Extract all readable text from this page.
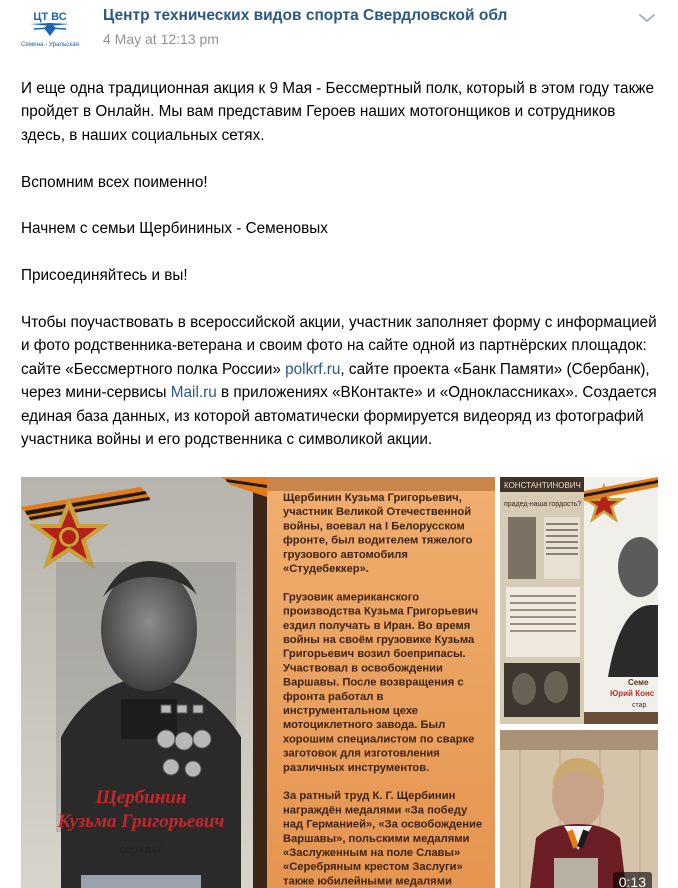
ЦТ ВС
Cемена - Уральская
Центр технических видов спорта Свердловской обл
4 May at 12:13 pm

И еще одна традиционная акция к 9 Мая - Бессмертный полк, который в этом году также пройдет в Онлайн. Мы вам представим Героев наших мотогонщиков и сотрудников здесь, в наших социальных сетях.

Вспомним всех поименно!

Начнем с семьи Щербининых - Семеновых

Присоединяйтесь и вы!

Чтобы поучаствовать в всероссийской акции, участник заполняет форму с информацией и фото родственника-ветерана и своим фото на сайте одной из партнёрских площадок: сайте «Бессмертного полка России» polkrf.ru, сайте проекта «Банк Памяти» (Сбербанк), через мини-сервисы Mail.ru в приложениях «ВКонтакте» и «Одноклассниках». Создается единая база данных, из которой автоматически формируется видеоряд из фотографий участника войны и его родственника с символикой акции.

Щербинин
Кузьма Григорьевич
сержант
Щербинин Кузьма Григорьевич,
участник Великой Отечественной
войны, воевал на I Белорусском
фронте, был водителем тяжелого
грузового автомобиля
«Студебеккер».
Грузовик американского
производства Кузьма Григорьевич
ездил получать в Иран. Во время
войны на своём грузовике Кузьма
Григорьевич возил боеприпасы.
Участвовал в освобождении
Варшавы. После возвращения с
фронта работал в
инструментальном цехе
мотоциклетного завода. Был
хорошим специалистом по сварке
заготовок для изготовления
различных инструментов.
За ратный труд К. Г. Щербинин
награждён медалями «За победу
над Германией», «За освобождение
Варшавы», польскими медалями
«Заслуженным на поле Славы»
«Серебряным крестом Заслуги»
также юбилейными медалями
КОНСТАНТИНОВИЧ
прадед-наша гордость?
Семе
Юрий Конс
стар
0:13
